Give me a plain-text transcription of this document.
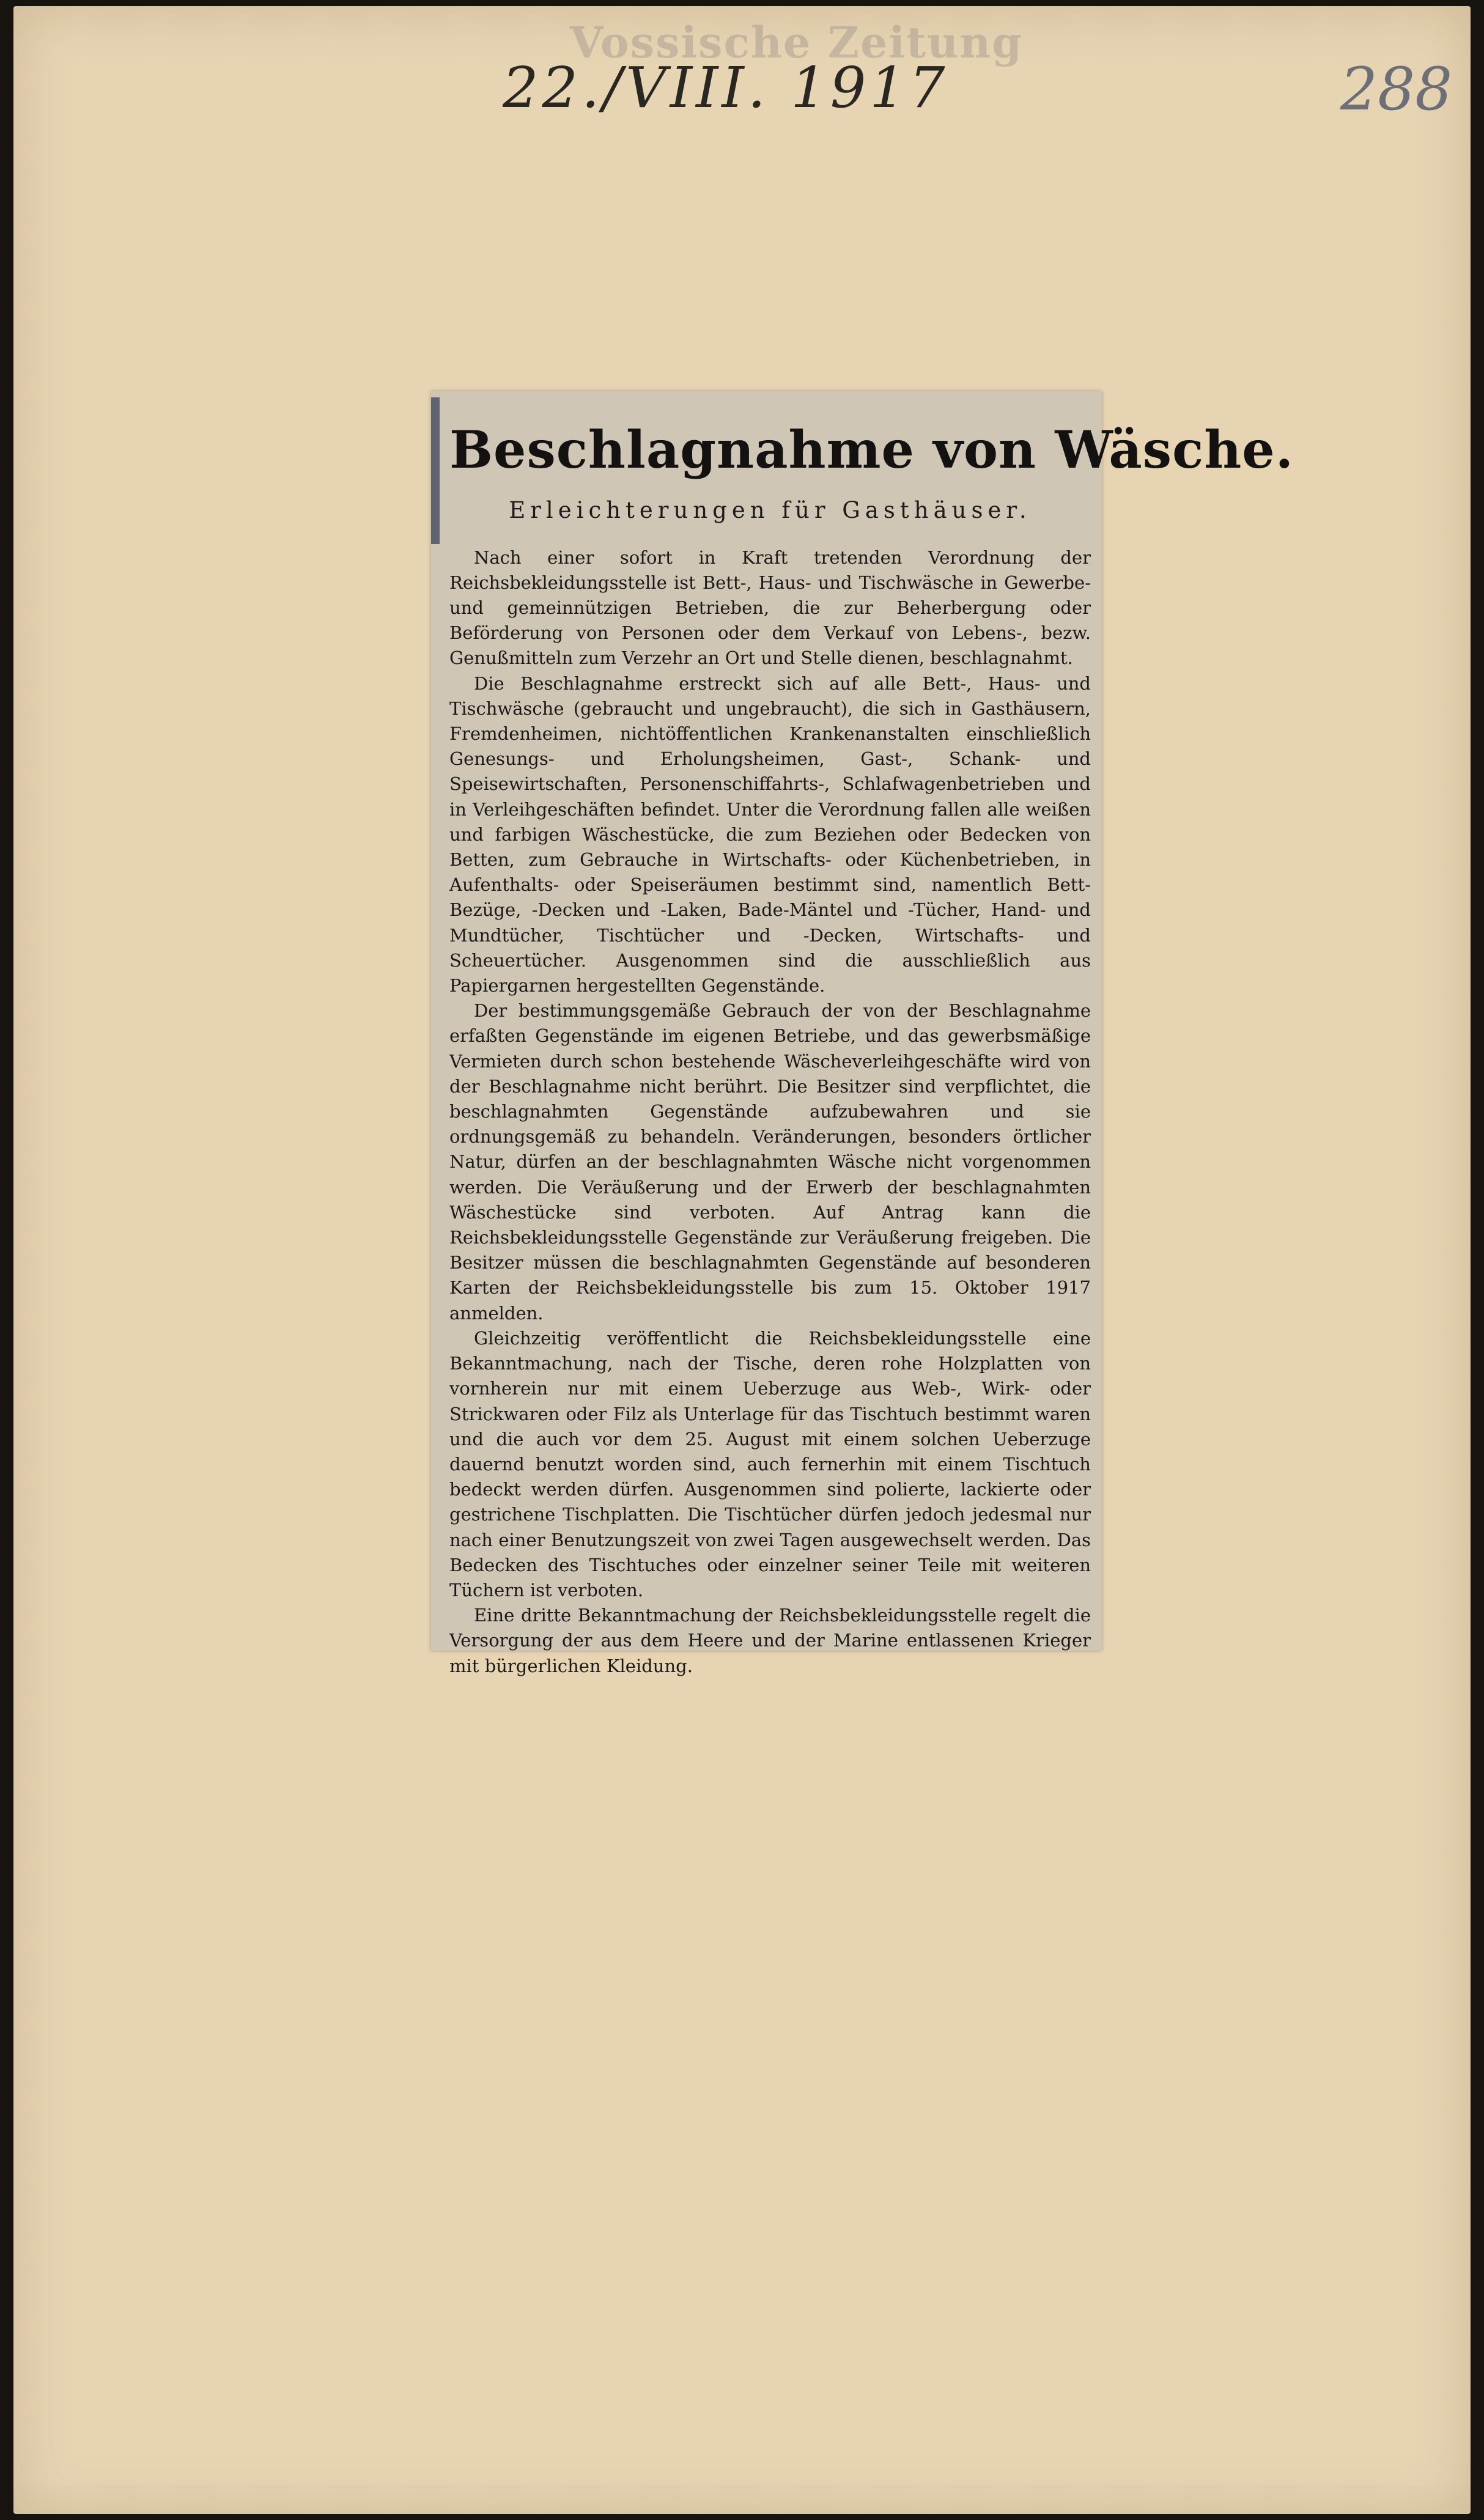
Vossische Zeitung
22./VIII. 1917	288
Beschlagnahme von Wäsche.
Erleichterungen für Gasthäuser.

Nach einer sofort in Kraft tretenden Verordnung der Reichsbekleidungsstelle ist Bett-, Haus- und Tischwäsche in Gewerbe- und gemeinnützigen Betrieben, die zur Beherbergung oder Beförderung von Personen oder dem Verkauf von Lebens-, bezw. Genußmitteln zum Verzehr an Ort und Stelle dienen, beschlagnahmt.

Die Beschlagnahme erstreckt sich auf alle Bett-, Haus- und Tischwäsche (gebraucht und ungebraucht), die sich in Gasthäusern, Fremdenheimen, nichtöffentlichen Krankenanstalten einschließlich Genesungs- und Erholungsheimen, Gast-, Schank- und Speisewirtschaften, Personenschiffahrts-, Schlafwagenbetrieben und in Verleihgeschäften befindet. Unter die Verordnung fallen alle weißen und farbigen Wäschestücke, die zum Beziehen oder Bedecken von Betten, zum Gebrauche in Wirtschafts- oder Küchenbetrieben, in Aufenthalts- oder Speiseräumen bestimmt sind, namentlich Bett-Bezüge, -Decken und -Laken, Bade-Mäntel und -Tücher, Hand- und Mundtücher, Tischtücher und -Decken, Wirtschafts- und Scheuertücher. Ausgenommen sind die ausschließlich aus Papiergarnen hergestellten Gegenstände.

Der bestimmungsgemäße Gebrauch der von der Beschlagnahme erfaßten Gegenstände im eigenen Betriebe, und das gewerbsmäßige Vermieten durch schon bestehende Wäscheverleihgeschäfte wird von der Beschlagnahme nicht berührt. Die Besitzer sind verpflichtet, die beschlagnahmten Gegenstände aufzubewahren und sie ordnungsgemäß zu behandeln. Veränderungen, besonders örtlicher Natur, dürfen an der beschlagnahmten Wäsche nicht vorgenommen werden. Die Veräußerung und der Erwerb der beschlagnahmten Wäschestücke sind verboten. Auf Antrag kann die Reichsbekleidungsstelle Gegenstände zur Veräußerung freigeben. Die Besitzer müssen die beschlagnahmten Gegenstände auf besonderen Karten der Reichsbekleidungsstelle bis zum 15. Oktober 1917 anmelden.

Gleichzeitig veröffentlicht die Reichsbekleidungsstelle eine Bekanntmachung, nach der Tische, deren rohe Holzplatten von vornherein nur mit einem Ueberzuge aus Web-, Wirk- oder Strickwaren oder Filz als Unterlage für das Tischtuch bestimmt waren und die auch vor dem 25. August mit einem solchen Ueberzuge dauernd benutzt worden sind, auch fernerhin mit einem Tischtuch bedeckt werden dürfen. Ausgenommen sind polierte, lackierte oder gestrichene Tischplatten. Die Tischtücher dürfen jedoch jedesmal nur nach einer Benutzungszeit von zwei Tagen ausgewechselt werden. Das Bedecken des Tischtuches oder einzelner seiner Teile mit weiteren Tüchern ist verboten.

Eine dritte Bekanntmachung der Reichsbekleidungsstelle regelt die Versorgung der aus dem Heere und der Marine entlassenen Krieger mit bürgerlichen Kleidung.
